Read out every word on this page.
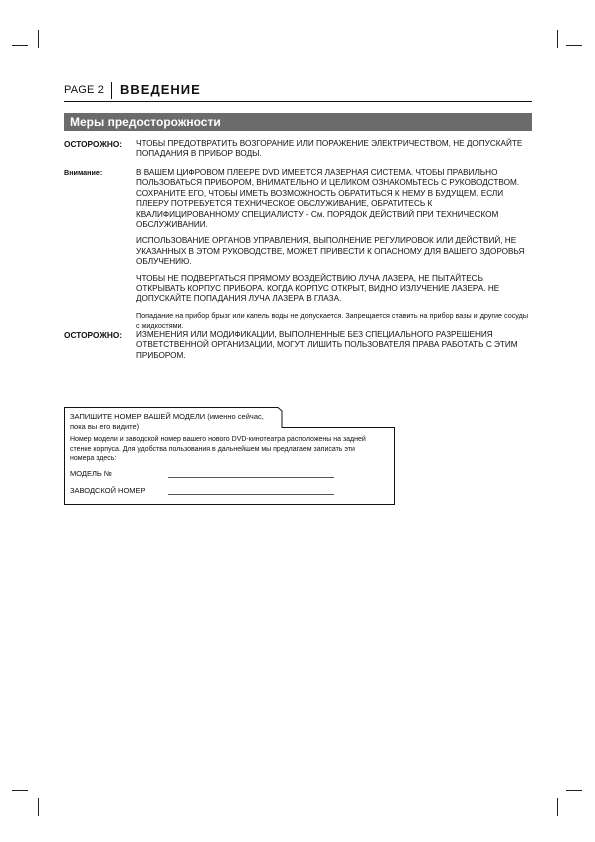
PAGE 2 ВВЕДЕНИЕ
Меры предосторожности
ОСТОРОЖНО: ЧТОБЫ ПРЕДОТВРАТИТЬ ВОЗГОРАНИЕ ИЛИ ПОРАЖЕНИЕ ЭЛЕКТРИЧЕСТВОМ, НЕ ДОПУСКАЙТЕ ПОПАДАНИЯ В ПРИБОР ВОДЫ.

Внимание:	В ВАШЕМ ЦИФРОВОМ ПЛЕЕРЕ DVD ИМЕЕТСЯ ЛАЗЕРНАЯ СИСТЕМА. ЧТОБЫ ПРАВИЛЬНО ПОЛЬЗОВАТЬСЯ ПРИБОРОМ, ВНИМАТЕЛЬНО И ЦЕЛИКОМ ОЗНАКОМЬТЕСЬ С РУКОВОДСТВОМ. СОХРАНИТЕ ЕГО, ЧТОБЫ ИМЕТЬ ВОЗМОЖНОСТЬ ОБРАТИТЬСЯ К НЕМУ В БУДУЩЕМ. ЕСЛИ ПЛЕЕРУ ПОТРЕБУЕТСЯ ТЕХНИЧЕСКОЕ ОБСЛУЖИВАНИЕ, ОБРАТИТЕСЬ К КВАЛИФИЦИРОВАННОМУ СПЕЦИАЛИСТУ - См. ПОРЯДОК ДЕЙСТВИЙ ПРИ ТЕХНИЧЕСКОМ ОБСЛУЖИВАНИИ.

ИСПОЛЬЗОВАНИЕ ОРГАНОВ УПРАВЛЕНИЯ, ВЫПОЛНЕНИЕ РЕГУЛИРОВОК ИЛИ ДЕЙСТВИЙ, НЕ УКАЗАННЫХ В ЭТОМ РУКОВОДСТВЕ, МОЖЕТ ПРИВЕСТИ К ОПАСНОМУ ДЛЯ ВАШЕГО ЗДОРОВЬЯ ОБЛУЧЕНИЮ.

ЧТОБЫ НЕ ПОДВЕРГАТЬСЯ ПРЯМОМУ ВОЗДЕЙСТВИЮ ЛУЧА ЛАЗЕРА, НЕ ПЫТАЙТЕСЬ ОТКРЫВАТЬ КОРПУС ПРИБОРА. КОГДА КОРПУС ОТКРЫТ, ВИДНО ИЗЛУЧЕНИЕ ЛАЗЕРА. НЕ ДОПУСКАЙТЕ ПОПАДАНИЯ ЛУЧА ЛАЗЕРА В ГЛАЗА.

Попадание на прибор брызг или капель воды не допускается. Запрещается ставить на прибор вазы и другие сосуды с жидкостями.

ОСТОРОЖНО: ИЗМЕНЕНИЯ ИЛИ МОДИФИКАЦИИ, ВЫПОЛНЕННЫЕ БЕЗ СПЕЦИАЛЬНОГО РАЗРЕШЕНИЯ ОТВЕТСТВЕННОЙ ОРГАНИЗАЦИИ, МОГУТ ЛИШИТЬ ПОЛЬЗОВАТЕЛЯ ПРАВА РАБОТАТЬ С ЭТИМ ПРИБОРОМ.

ЗАПИШИТЕ НОМЕР ВАШЕЙ МОДЕЛИ (именно сейчас, пока вы его видите)
Номер модели и заводской номер вашего нового DVD-кинотеатра расположены на задней стенке корпуса. Для удобства пользования в дальнейшем мы предлагаем записать эти номера здесь:
МОДЕЛЬ №
ЗАВОДСКОЙ НОМЕР
